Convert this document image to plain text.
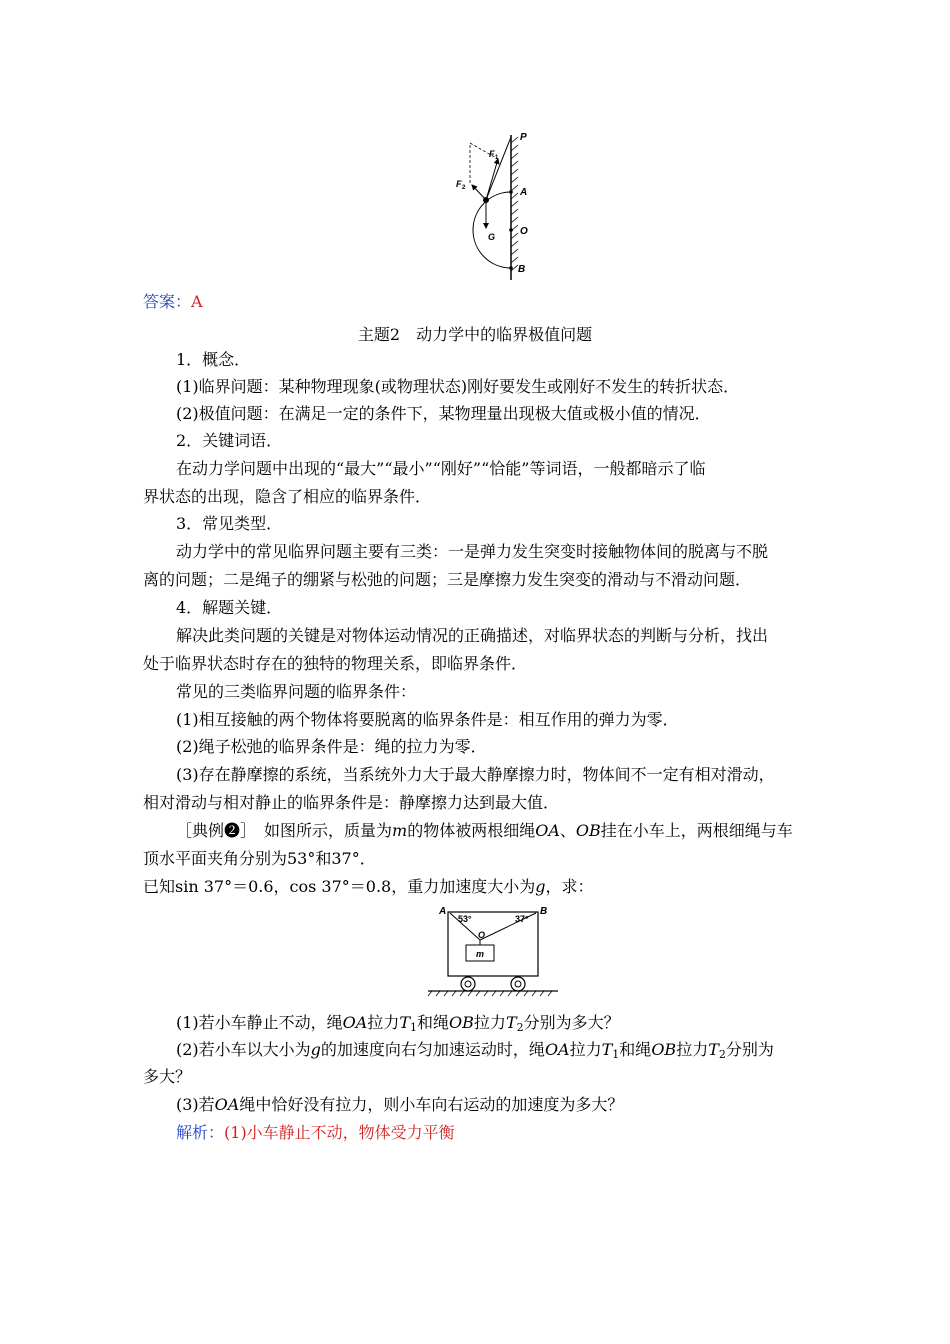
P
A
O
B
F 1
F 2
G
答案：A
主题2　动力学中的临界极值问题
1．概念．
(1)临界问题：某种物理现象(或物理状态)刚好要发生或刚好不发生的转折状态．
(2)极值问题：在满足一定的条件下，某物理量出现极大值或极小值的情况．
2．关键词语．
在动力学问题中出现的“最大”“最小”“刚好”“恰能”等词语，一般都暗示了临
界状态的出现，隐含了相应的临界条件．
3．常见类型．
动力学中的常见临界问题主要有三类：一是弹力发生突变时接触物体间的脱离与不脱
离的问题；二是绳子的绷紧与松弛的问题；三是摩擦力发生突变的滑动与不滑动问题．
4．解题关键．
解决此类问题的关键是对物体运动情况的正确描述，对临界状态的判断与分析，找出
处于临界状态时存在的独特的物理关系，即临界条件．
常见的三类临界问题的临界条件：
(1)相互接触的两个物体将要脱离的临界条件是：相互作用的弹力为零．
(2)绳子松弛的临界条件是：绳的拉力为零．
(3)存在静摩擦的系统，当系统外力大于最大静摩擦力时，物体间不一定有相对滑动，
相对滑动与相对静止的临界条件是：静摩擦力达到最大值．
［典例❷］　如图所示，质量为m的物体被两根细绳OA、OB挂在小车上，两根细绳与车
顶水平面夹角分别为53°和37°．
已知sin 37°＝0.6，cos 37°＝0.8，重力加速度大小为g，求：
A	B
O
m
53°	37°
(1)若小车静止不动，绳OA拉力$T_1$和绳OB拉力$T_2$分别为多大？
(2)若小车以大小为g的加速度向右匀加速运动时，绳OA拉力$T_1$和绳OB拉力$T_2$分别为
多大？
(3)若OA绳中恰好没有拉力，则小车向右运动的加速度为多大？
解析：(1)小车静止不动，物体受力平衡
